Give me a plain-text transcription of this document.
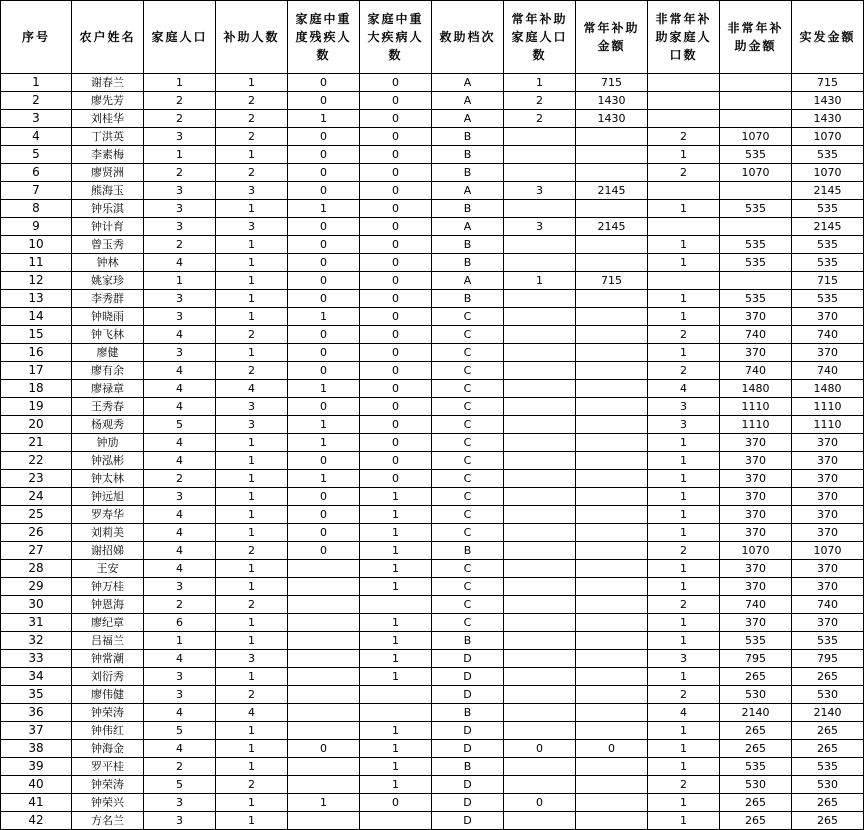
序号	农户姓名	家庭人口	补助人数	家庭中重度残疾人数	家庭中重大疾病人数	救助档次	常年补助家庭人口数	常年补助金额	非常年补助家庭人口数	非常年补助金额	实发金额
1	谢春兰	1	1	0	0	A	1	715			715
2	廖先芳	2	2	0	0	A	2	1430			1430
3	刘桂华	2	2	1	0	A	2	1430			1430
4	丁洪英	3	2	0	0	B			2	1070	1070
5	李素梅	1	1	0	0	B			1	535	535
6	廖贤洲	2	2	0	0	B			2	1070	1070
7	熊海玉	3	3	0	0	A	3	2145			2145
8	钟乐淇	3	1	1	0	B			1	535	535
9	钟计育	3	3	0	0	A	3	2145			2145
10	曾玉秀	2	1	0	0	B			1	535	535
11	钟林	4	1	0	0	B			1	535	535
12	姚家珍	1	1	0	0	A	1	715			715
13	李秀群	3	1	0	0	B			1	535	535
14	钟晓雨	3	1	1	0	C			1	370	370
15	钟飞林	4	2	0	0	C			2	740	740
16	廖健	3	1	0	0	C			1	370	370
17	廖有余	4	2	0	0	C			2	740	740
18	廖禄章	4	4	1	0	C			4	1480	1480
19	王秀春	4	3	0	0	C			3	1110	1110
20	杨观秀	5	3	1	0	C			3	1110	1110
21	钟劢	4	1	1	0	C			1	370	370
22	钟泓彬	4	1	0	0	C			1	370	370
23	钟太林	2	1	1	0	C			1	370	370
24	钟远旭	3	1	0	1	C			1	370	370
25	罗寿华	4	1	0	1	C			1	370	370
26	刘莉美	4	1	0	1	C			1	370	370
27	谢招娣	4	2	0	1	B			2	1070	1070
28	王安	4	1		1	C			1	370	370
29	钟万桂	3	1		1	C			1	370	370
30	钟恩海	2	2			C			2	740	740
31	廖纪章	6	1		1	C			1	370	370
32	吕福兰	1	1		1	B			1	535	535
33	钟常潮	4	3		1	D			3	795	795
34	刘衍秀	3	1		1	D			1	265	265
35	廖伟健	3	2			D			2	530	530
36	钟荣涛	4	4			B			4	2140	2140
37	钟伟红	5	1		1	D			1	265	265
38	钟海金	4	1	0	1	D	0	0	1	265	265
39	罗平桂	2	1		1	B			1	535	535
40	钟荣涛	5	2		1	D			2	530	530
41	钟荣兴	3	1	1	0	D	0		1	265	265
42	方名兰	3	1			D			1	265	265
